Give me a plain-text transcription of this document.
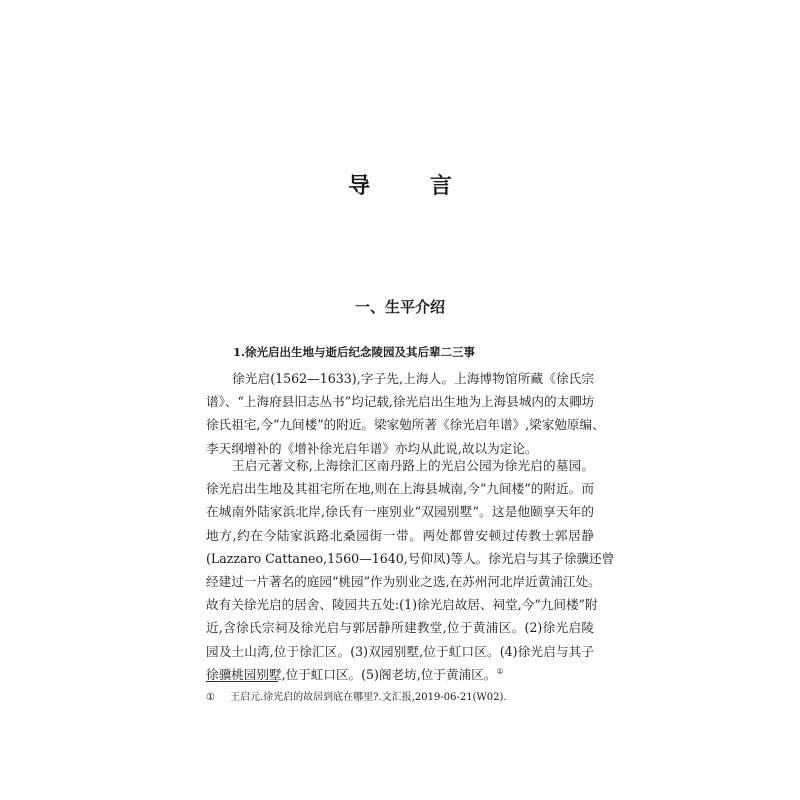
导 言
一、生平介绍
1.徐光启出生地与逝后纪念陵园及其后辈二三事
徐光启(1562—1633),字子先,上海人。上海博物馆所藏《徐氏宗
谱》、“上海府县旧志丛书”均记载,徐光启出生地为上海县城内的太卿坊
徐氏祖宅,今“九间楼”的附近。梁家勉所著《徐光启年谱》,梁家勉原编、
李天纲增补的《增补徐光启年谱》亦均从此说,故以为定论。
王启元著文称,上海徐汇区南丹路上的光启公园为徐光启的墓园。
徐光启出生地及其祖宅所在地,则在上海县城南,今“九间楼”的附近。而
在城南外陆家浜北岸,徐氏有一座别业“双园别墅”。这是他颐享天年的
地方,约在今陆家浜路北桑园街一带。两处都曾安顿过传教士郭居静
(Lazzaro Cattaneo,1560—1640,号仰凤)等人。徐光启与其子徐骥还曾
经建过一片著名的庭园“桃园”作为别业之选,在苏州河北岸近黄浦江处。
故有关徐光启的居舍、陵园共五处:(1)徐光启故居、祠堂,今“九间楼”附
近,含徐氏宗祠及徐光启与郭居静所建教堂,位于黄浦区。(2)徐光启陵
园及土山湾,位于徐汇区。(3)双园别墅,位于虹口区。(4)徐光启与其子
徐骥桃园别墅,位于虹口区。(5)阁老坊,位于黄浦区。①
① 王启元.徐光启的故居到底在哪里?.文汇报,2019-06-21(W02).
